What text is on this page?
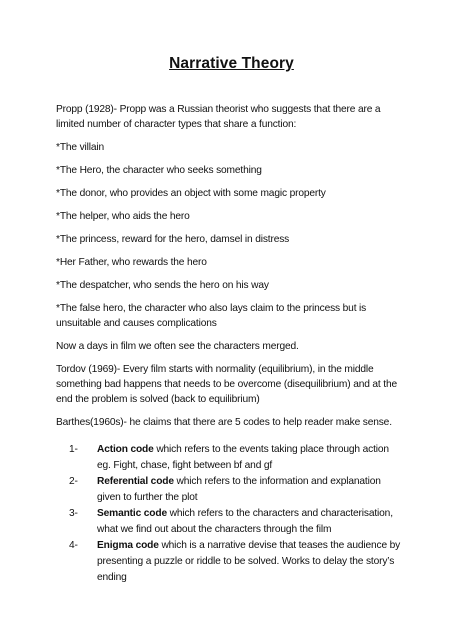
Narrative Theory

Propp (1928)- Propp was a Russian theorist who suggests that there are a limited number of character types that share a function:

*The villain

*The Hero, the character who seeks something

*The donor, who provides an object with some magic property

*The helper, who aids the hero

*The princess, reward for the hero, damsel in distress

*Her Father, who rewards the hero

*The despatcher, who sends the hero on his way

*The false hero, the character who also lays claim to the princess but is unsuitable and causes complications

Now a days in film we often see the characters merged.

Tordov (1969)- Every film starts with normality (equilibrium), in the middle something bad happens that needs to be overcome (disequilibrium) and at the end the problem is solved (back to equilibrium)

Barthes(1960s)- he claims that there are 5 codes to help reader make sense.

1-	Action code which refers to the events taking place through action eg. Fight, chase, fight between bf and gf
2-	Referential code which refers to the information and explanation given to further the plot
3-	Semantic code which refers to the characters and characterisation, what we find out about the characters through the film
4-	Enigma code which is a narrative devise that teases the audience by presenting a puzzle or riddle to be solved. Works to delay the story’s ending
